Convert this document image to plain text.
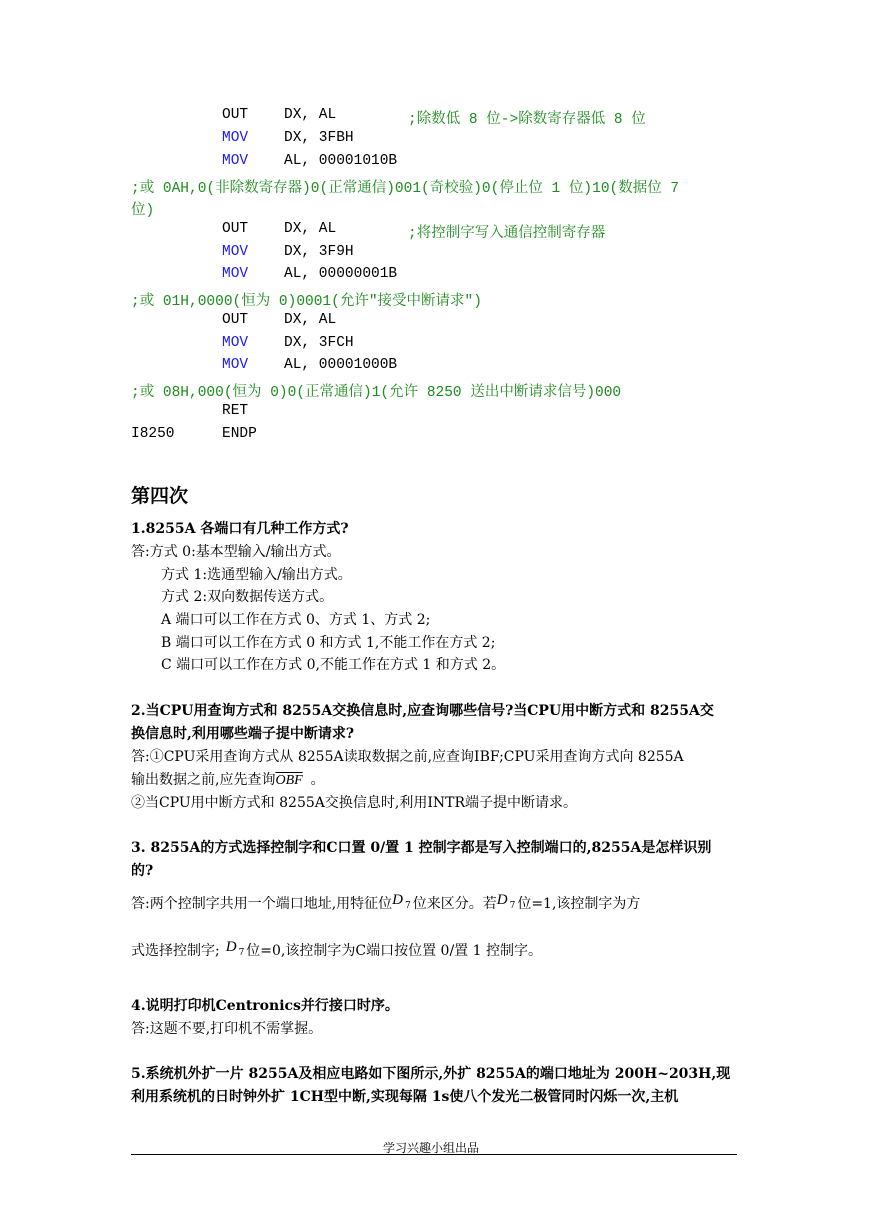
OUT DX, AL	;除数低 8 位->除数寄存器低 8 位
MOV DX, 3FBH
MOV AL, 00001010B
;或 0AH,0(非除数寄存器)0(正常通信)001(奇校验)0(停止位 1 位)10(数据位 7
位)
OUT DX, AL	;将控制字写入通信控制寄存器
MOV DX, 3F9H
MOV AL, 00000001B
;或 01H,0000(恒为 0)0001(允许"接受中断请求")
OUT DX, AL
MOV DX, 3FCH
MOV AL, 00001000B
;或 08H,000(恒为 0)0(正常通信)1(允许 8250 送出中断请求信号)000
RET
I8250	ENDP
第四次
1.8255A 各端口有几种工作方式?
答:方式 0:基本型输入/输出方式。
方式 1:选通型输入/输出方式。
方式 2:双向数据传送方式。
A 端口可以工作在方式 0、方式 1、方式 2;
B 端口可以工作在方式 0 和方式 1,不能工作在方式 2;
C 端口可以工作在方式 0,不能工作在方式 1 和方式 2。
2.当CPU用查询方式和 8255A交换信息时,应查询哪些信号?当CPU用中断方式和 8255A交
换信息时,利用哪些端子提中断请求?
答:①CPU采用查询方式从 8255A读取数据之前,应查询IBF;CPU采用查询方式向 8255A
输出数据之前,应先查询$\overline{OBF}$ 。
②当CPU用中断方式和 8255A交换信息时,利用INTR端子提中断请求。
3. 8255A的方式选择控制字和C口置 0/置 1 控制字都是写入控制端口的,8255A是怎样识别
的?
答:两个控制字共用一个端口地址,用特征位D 7 位来区分。若D 7 位=1,该控制字为方
式选择控制字; D 7 位=0,该控制字为C端口按位置 0/置 1 控制字。
4.说明打印机Centronics并行接口时序。
答:这题不要,打印机不需掌握。
5.系统机外扩一片 8255A及相应电路如下图所示,外扩 8255A的端口地址为 200H~203H,现
利用系统机的日时钟外扩 1CH型中断,实现每隔 1s使八个发光二极管同时闪烁一次,主机
学习兴趣小组出品
